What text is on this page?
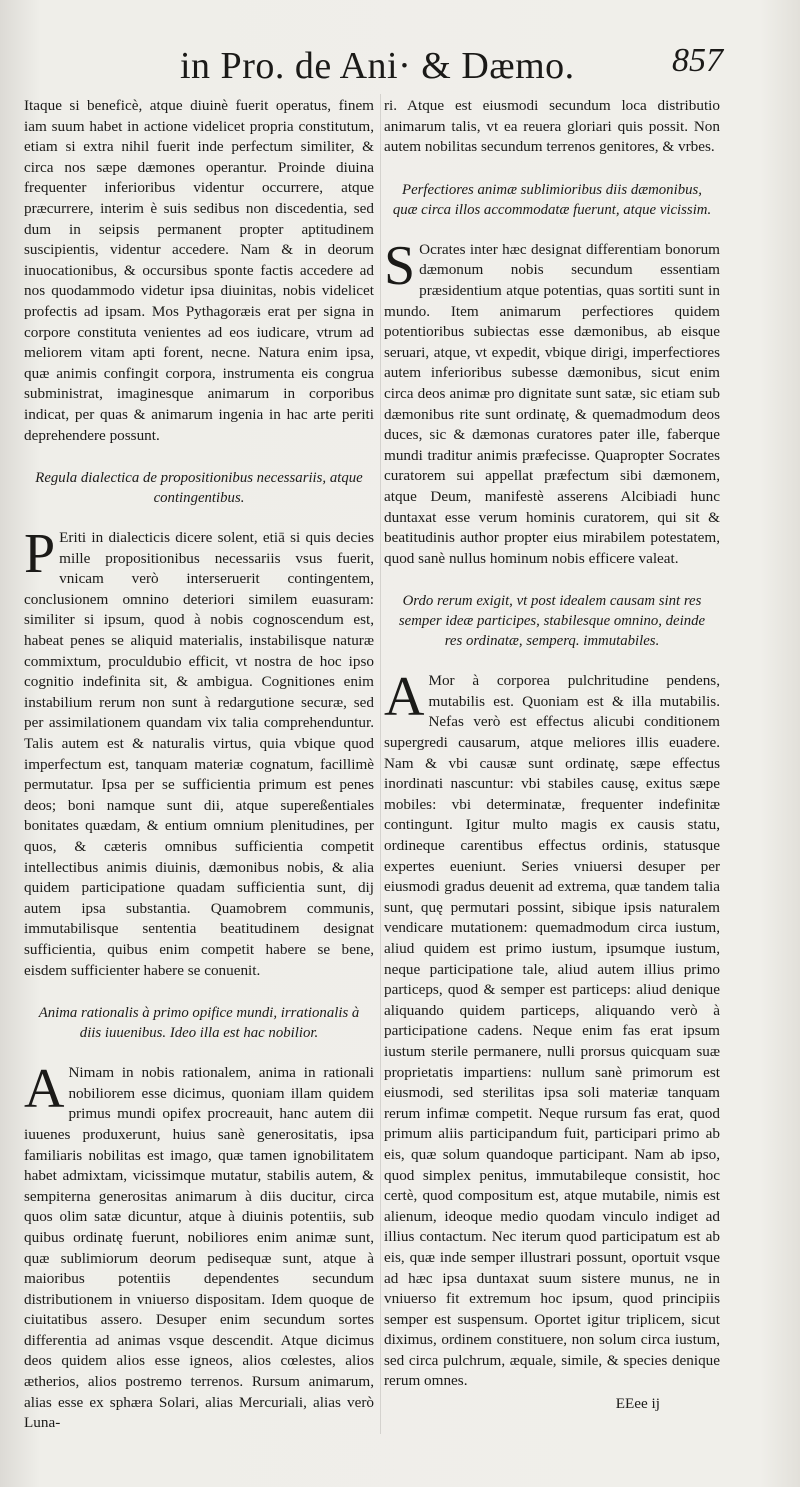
in Pro. de Ani· & Dæmo.	857

Itaque si beneficè, atque diuinè fuerit operatus, finem iam suum habet in actione videlicet propria constitutum, etiam si extra nihil fuerit inde perfectum similiter, & circa nos sæpe dæmones operantur. Proinde diuina frequenter inferioribus videntur occurrere, atque præcurrere, interim è suis sedibus non discedentia, sed dum in seipsis permanent propter aptitudinem suscipientis, videntur accedere. Nam & in deorum inuocationibus, & occursibus sponte factis accedere ad nos quodammodo videtur ipsa diuinitas, nobis videlicet profectis ad ipsam. Mos Pythagoræis erat per signa in corpore constituta venientes ad eos iudicare, vtrum ad meliorem vitam apti forent, necne. Natura enim ipsa, quæ animis confingit corpora, instrumenta eis congrua subministrat, imaginesque animarum in corporibus indicat, per quas & animarum ingenia in hac arte periti deprehendere possunt.

Regula dialectica de propositionibus necessariis, atque contingentibus.

P Eriti in dialecticis dicere solent, etiā si quis decies mille propositionibus necessariis vsus fuerit, vnicam verò interseruerit contingentem, conclusionem omnino deteriori similem euasuram: similiter si ipsum, quod à nobis cognoscendum est, habeat penes se aliquid materialis, instabilisque naturæ commixtum, proculdubio efficit, vt nostra de hoc ipso cognitio indefinita sit, & ambigua. Cognitiones enim instabilium rerum non sunt à redargutione securæ, sed per assimilationem quandam vix talia comprehenduntur. Talis autem est & naturalis virtus, quia vbique quod imperfectum est, tanquam materiæ cognatum, facillimè permutatur. Ipsa per se sufficientia primum est penes deos; boni namque sunt dii, atque supereßentiales bonitates quædam, & entium omnium plenitudines, per quos, & cæteris omnibus sufficientia competit intellectibus animis diuinis, dæmonibus nobis, & alia quidem participatione quadam sufficientia sunt, dij autem ipsa substantia. Quamobrem communis, immutabilisque sententia beatitudinem designat sufficientia, quibus enim competit habere se bene, eisdem sufficienter habere se conuenit.

Anima rationalis à primo opifice mundi, irrationalis à diis iuuenibus. Ideo illa est hac nobilior.

A Nimam in nobis rationalem, anima in rationali nobiliorem esse dicimus, quoniam illam quidem primus mundi opifex procreauit, hanc autem dii iuuenes produxerunt, huius sanè generositatis, ipsa familiaris nobilitas est imago, quæ tamen ignobilitatem habet admixtam, vicissimque mutatur, stabilis autem, & sempiterna generositas animarum à diis ducitur, circa quos olim satæ dicuntur, atque à diuinis potentiis, sub quibus ordinatę fuerunt, nobiliores enim animæ sunt, quæ sublimiorum deorum pedisequæ sunt, atque à maioribus potentiis dependentes secundum distributionem in vniuerso dispositam. Idem quoque de ciuitatibus assero. Desuper enim secundum sortes differentia ad animas vsque descendit. Atque dicimus deos quidem alios esse igneos, alios cœlestes, alios ætherios, alios postremo terrenos. Rursum animarum, alias esse ex sphæra Solari, alias Mercuriali, alias verò Luna-

ri. Atque est eiusmodi secundum loca distributio animarum talis, vt ea reuera gloriari quis possit. Non autem nobilitas secundum terrenos genitores, & vrbes.

Perfectiores animæ sublimioribus diis dæmonibus, quæ circa illos accommodatæ fuerunt, atque vicissim.

S Ocrates inter hæc designat differentiam bonorum dæmonum nobis secundum essentiam præsidentium atque potentias, quas sortiti sunt in mundo. Item animarum perfectiores quidem potentioribus subiectas esse dæmonibus, ab eisque seruari, atque, vt expedit, vbique dirigi, imperfectiores autem inferioribus subesse dæmonibus, sicut enim circa deos animæ pro dignitate sunt satæ, sic etiam sub dæmonibus rite sunt ordinatę, & quemadmodum deos duces, sic & dæmonas curatores pater ille, faberque mundi traditur animis præfecisse. Quapropter Socrates curatorem sui appellat præfectum sibi dæmonem, atque Deum, manifestè asserens Alcibiadi hunc duntaxat esse verum hominis curatorem, qui sit & beatitudinis author propter eius mirabilem potestatem, quod sanè nullus hominum nobis efficere valeat.

Ordo rerum exigit, vt post idealem causam sint res semper ideæ participes, stabilesque omnino, deinde res ordinatæ, semperq. immutabiles.

A Mor à corporea pulchritudine pendens, mutabilis est. Quoniam est & illa mutabilis. Nefas verò est effectus alicubi conditionem supergredi causarum, atque meliores illis euadere. Nam & vbi causæ sunt ordinatę, sæpe effectus inordinati nascuntur: vbi stabiles causę, exitus sæpe mobiles: vbi determinatæ, frequenter indefinitæ contingunt. Igitur multo magis ex causis statu, ordineque carentibus effectus ordinis, statusque expertes eueniunt. Series vniuersi desuper per eiusmodi gradus deuenit ad extrema, quæ tandem talia sunt, quę permutari possint, sibique ipsis naturalem vendicare mutationem: quemadmodum circa iustum, aliud quidem est primo iustum, ipsumque iustum, neque participatione tale, aliud autem illius primo particeps, quod & semper est particeps: aliud denique aliquando quidem particeps, aliquando verò à participatione cadens. Neque enim fas erat ipsum iustum sterile permanere, nulli prorsus quicquam suæ proprietatis impartiens: nullum sanè primorum est eiusmodi, sed sterilitas ipsa soli materiæ tanquam rerum infimæ competit. Neque rursum fas erat, quod primum aliis participandum fuit, participari primo ab eis, quæ solum quandoque participant. Nam ab ipso, quod simplex penitus, immutabileque consistit, hoc certè, quod compositum est, atque mutabile, nimis est alienum, ideoque medio quodam vinculo indiget ad illius contactum. Nec iterum quod participatum est ab eis, quæ inde semper illustrari possunt, oportuit vsque ad hæc ipsa duntaxat suum sistere munus, ne in vniuerso fit extremum hoc ipsum, quod principiis semper est suspensum. Oportet igitur triplicem, sicut diximus, ordinem constituere, non solum circa iustum, sed circa pulchrum, æquale, simile, & species denique rerum omnes.

EEee ij
